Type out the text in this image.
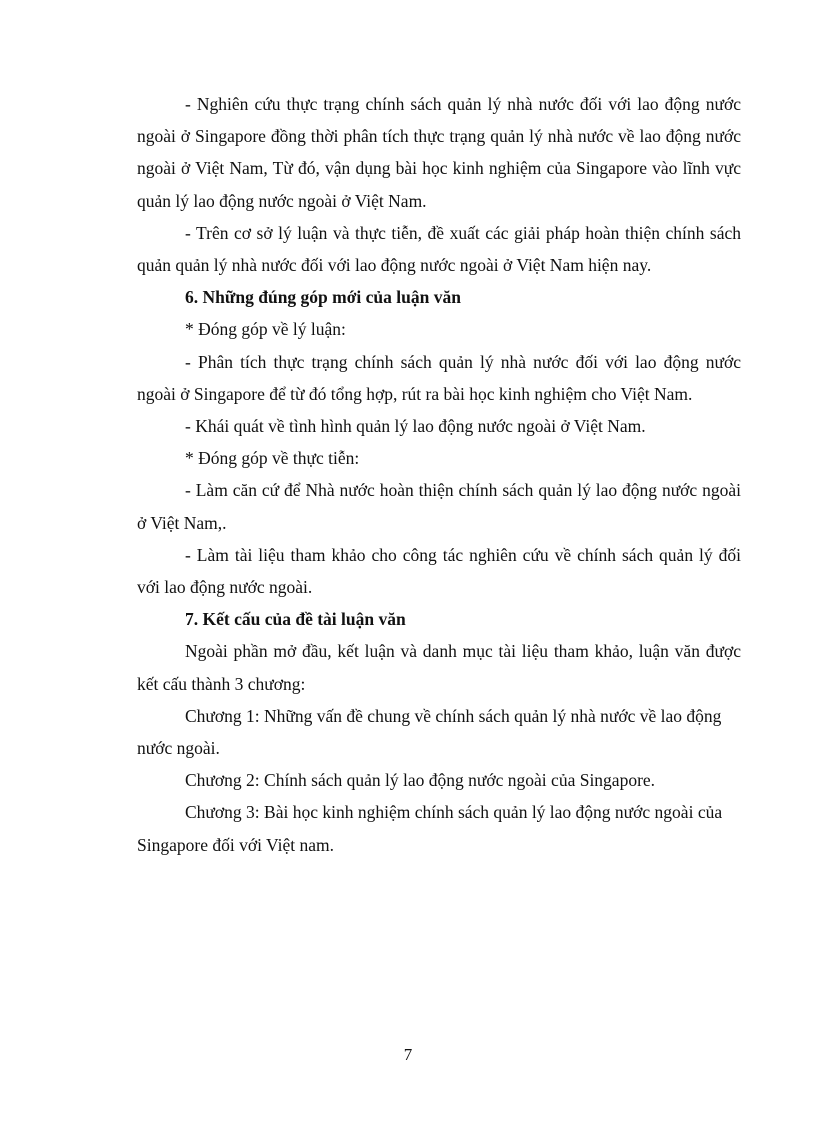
- Nghiên cứu thực trạng chính sách quản lý nhà nước đối với lao động nước ngoài ở Singapore đồng thời phân tích thực trạng quản lý nhà nước về lao động nước ngoài ở Việt Nam, Từ đó, vận dụng bài học kinh nghiệm của Singapore vào lĩnh vực quản lý lao động nước ngoài ở Việt Nam.

- Trên cơ sở lý luận và thực tiễn, đề xuất các giải pháp hoàn thiện chính sách quản quản lý nhà nước đối với lao động nước ngoài ở Việt Nam hiện nay.

6. Những đúng góp mới của luận văn

* Đóng góp về lý luận:

- Phân tích thực trạng chính sách quản lý nhà nước đối với lao động nước ngoài ở Singapore để từ đó tổng hợp, rút ra bài học kinh nghiệm cho Việt Nam.

- Khái quát về tình hình quản lý lao động nước ngoài ở Việt Nam.

* Đóng góp về thực tiễn:

- Làm căn cứ để Nhà nước hoàn thiện chính sách quản lý lao động nước ngoài ở Việt Nam,.

- Làm tài liệu tham khảo cho công tác nghiên cứu về chính sách quản lý đối với lao động nước ngoài.

7. Kết cấu của đề tài luận văn

Ngoài phần mở đầu, kết luận và danh mục tài liệu tham khảo, luận văn được kết cấu thành 3 chương:

Chương 1: Những vấn đề chung về chính sách quản lý nhà nước về lao động nước ngoài.

Chương 2: Chính sách quản lý lao động nước ngoài của Singapore.

Chương 3: Bài học kinh nghiệm chính sách quản lý lao động nước ngoài của Singapore đối với Việt nam.

7
